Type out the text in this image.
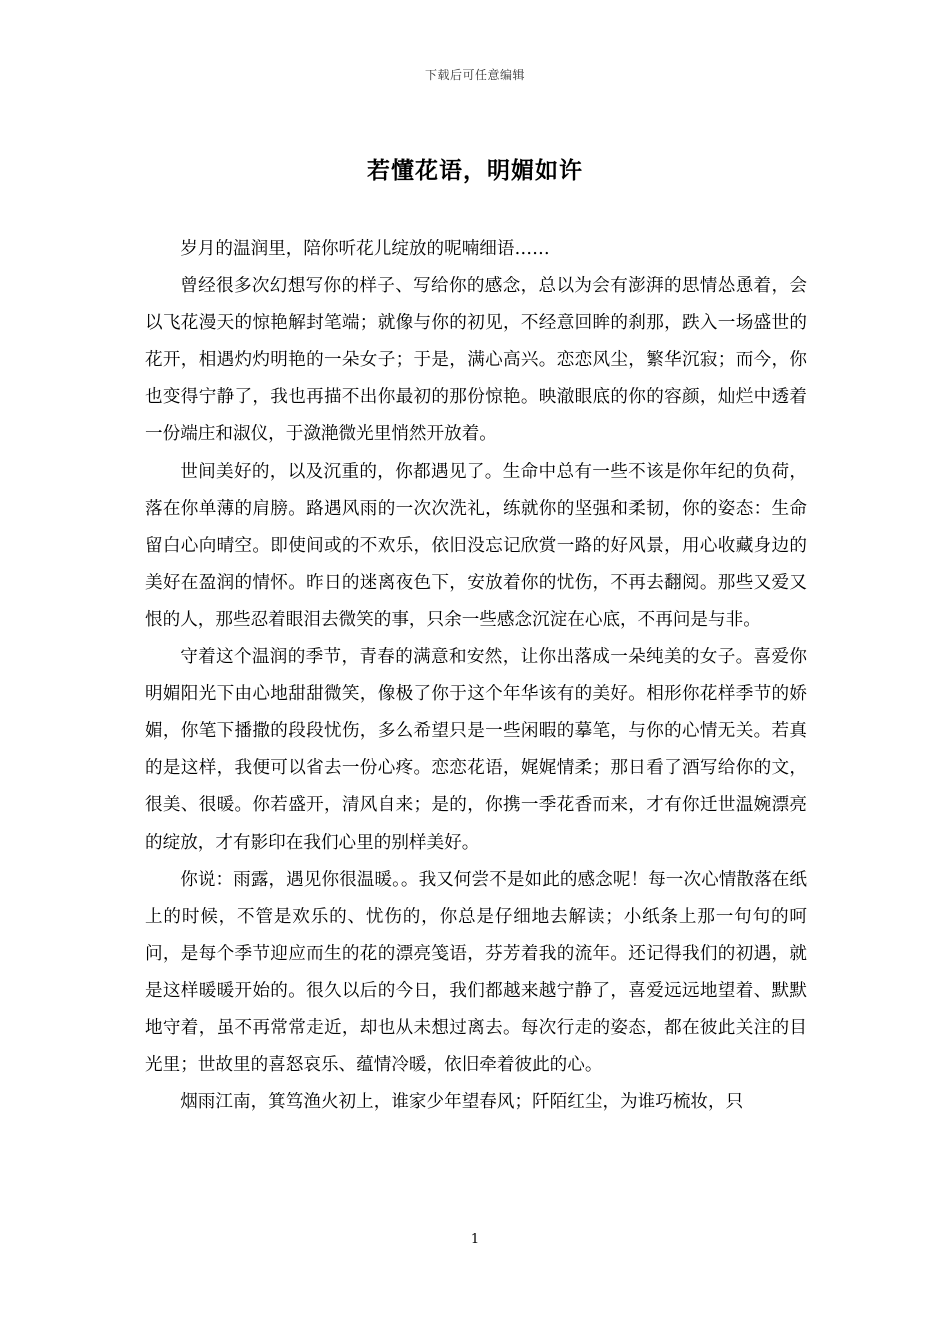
下载后可任意编辑
若懂花语，明媚如许

岁月的温润里，陪你听花儿绽放的呢喃细语……

曾经很多次幻想写你的样子、写给你的感念，总以为会有澎湃的思情怂恿着，会以飞花漫天的惊艳解封笔端；就像与你的初见，不经意回眸的刹那，跌入一场盛世的花开，相遇灼灼明艳的一朵女子；于是，满心高兴。恋恋风尘，繁华沉寂；而今，你也变得宁静了，我也再描不出你最初的那份惊艳。映澈眼底的你的容颜，灿烂中透着一份端庄和淑仪，于潋滟微光里悄然开放着。

世间美好的，以及沉重的，你都遇见了。生命中总有一些不该是你年纪的负荷，落在你单薄的肩膀。路遇风雨的一次次洗礼，练就你的坚强和柔韧，你的姿态：生命留白心向晴空。即使间或的不欢乐，依旧没忘记欣赏一路的好风景，用心收藏身边的美好在盈润的情怀。昨日的迷离夜色下，安放着你的忧伤，不再去翻阅。那些又爱又恨的人，那些忍着眼泪去微笑的事，只余一些感念沉淀在心底，不再问是与非。

守着这个温润的季节，青春的满意和安然，让你出落成一朵纯美的女子。喜爱你明媚阳光下由心地甜甜微笑，像极了你于这个年华该有的美好。相形你花样季节的娇媚，你笔下播撒的段段忧伤，多么希望只是一些闲暇的摹笔，与你的心情无关。若真的是这样，我便可以省去一份心疼。恋恋花语，娓娓情柔；那日看了酒写给你的文，很美、很暖。你若盛开，清风自来；是的，你携一季花香而来，才有你迁世温婉漂亮的绽放，才有影印在我们心里的别样美好。

你说：雨露，遇见你很温暖。。我又何尝不是如此的感念呢！每一次心情散落在纸上的时候，不管是欢乐的、忧伤的，你总是仔细地去解读；小纸条上那一句句的呵问，是每个季节迎应而生的花的漂亮笺语，芬芳着我的流年。还记得我们的初遇，就是这样暖暖开始的。很久以后的今日，我们都越来越宁静了，喜爱远远地望着、默默地守着，虽不再常常走近，却也从未想过离去。每次行走的姿态，都在彼此关注的目光里；世故里的喜怒哀乐、蕴情冷暖，依旧牵着彼此的心。

烟雨江南，箕笃渔火初上，谁家少年望春风；阡陌红尘，为谁巧梳妆，只

1
